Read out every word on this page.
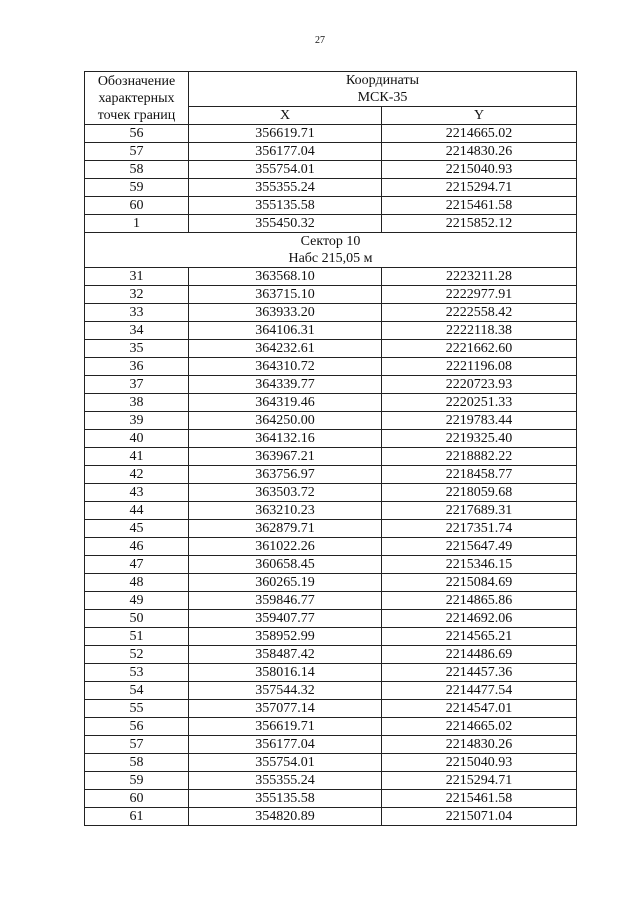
27
Обозначение
характерных
точек границ	Координаты
МСК-35	

	X	Y
56	356619.71	2214665.02
57	356177.04	2214830.26
58	355754.01	2215040.93
59	355355.24	2215294.71
60	355135.58	2215461.58
1	355450.32	2215852.12

Сектор 10
Набс 215,05 м		

31	363568.10	2223211.28
32	363715.10	2222977.91
33	363933.20	2222558.42
34	364106.31	2222118.38
35	364232.61	2221662.60
36	364310.72	2221196.08
37	364339.77	2220723.93
38	364319.46	2220251.33
39	364250.00	2219783.44
40	364132.16	2219325.40
41	363967.21	2218882.22
42	363756.97	2218458.77
43	363503.72	2218059.68
44	363210.23	2217689.31
45	362879.71	2217351.74
46	361022.26	2215647.49
47	360658.45	2215346.15
48	360265.19	2215084.69
49	359846.77	2214865.86
50	359407.77	2214692.06
51	358952.99	2214565.21
52	358487.42	2214486.69
53	358016.14	2214457.36
54	357544.32	2214477.54
55	357077.14	2214547.01
56	356619.71	2214665.02
57	356177.04	2214830.26
58	355754.01	2215040.93
59	355355.24	2215294.71
60	355135.58	2215461.58
61	354820.89	2215071.04
